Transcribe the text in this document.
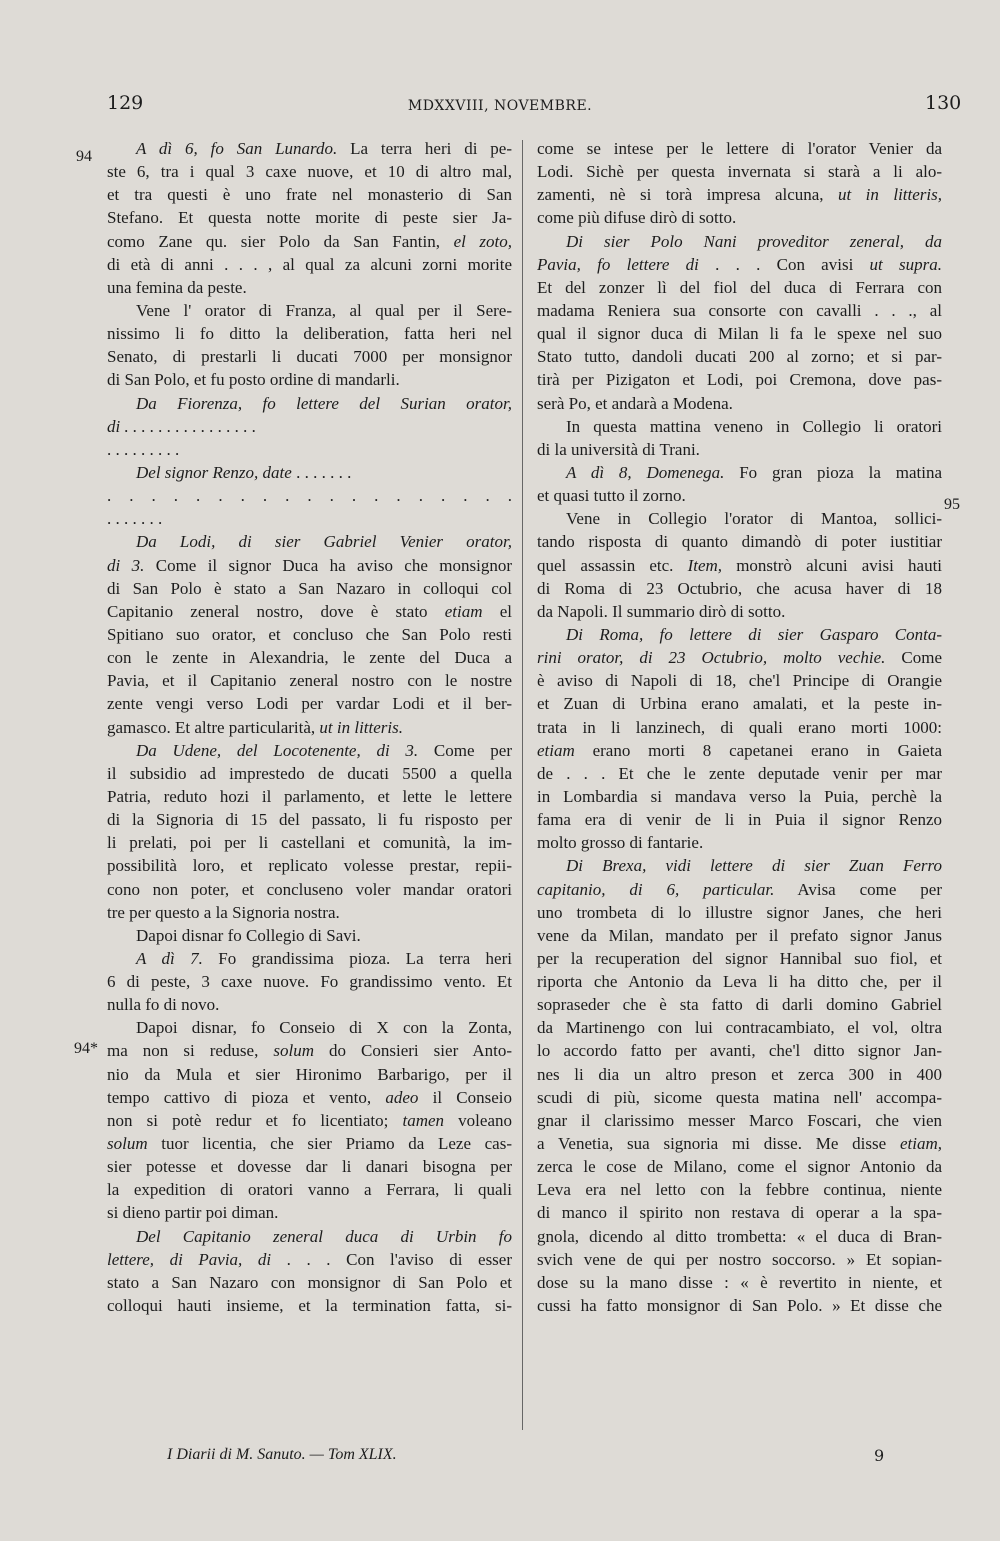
129	MDXXVIII, NOVEMBRE.	130
94
94*
95
A dì 6, fo San Lunardo. La terra heri di pe-
ste 6, tra i qual 3 caxe nuove, et 10 di altro mal,
et tra questi è uno frate nel monasterio di San
Stefano. Et questa notte morite di peste sier Ja-
como Zane qu. sier Polo da San Fantin, el zoto,
di età di anni . . . , al qual za alcuni zorni morite
una femina da peste.
Vene l' orator di Franza, al qual per il Sere-
nissimo li fo ditto la deliberation, fatta heri nel
Senato, di prestarli li ducati 7000 per monsignor
di San Polo, et fu posto ordine di mandarli.
Da Fiorenza, fo lettere del Surian orator,
di . . . . . . . . . . . . . . . .
. . . . . . . . .
Del signor Renzo, date . . . . . . .
. . . . . . . . . . . . . . . . . . .
. . . . . . .
Da Lodi, di sier Gabriel Venier orator,
di 3. Come il signor Duca ha aviso che monsignor
di San Polo è stato a San Nazaro in colloqui col
Capitanio zeneral nostro, dove è stato etiam el
Spitiano suo orator, et concluso che San Polo resti
con le zente in Alexandria, le zente del Duca a
Pavia, et il Capitanio zeneral nostro con le nostre
zente vengi verso Lodi per vardar Lodi et il ber-
gamasco. Et altre particularità, ut in litteris.
Da Udene, del Locotenente, di 3. Come per
il subsidio ad imprestedo de ducati 5500 a quella
Patria, reduto hozi il parlamento, et lette le lettere
di la Signoria di 15 del passato, li fu risposto per
li prelati, poi per li castellani et comunità, la im-
possibilità loro, et replicato volesse prestar, repii-
cono non poter, et concluseno voler mandar oratori
tre per questo a la Signoria nostra.
Dapoi disnar fo Collegio di Savi.
A dì 7. Fo grandissima pioza. La terra heri
6 di peste, 3 caxe nuove. Fo grandissimo vento. Et
nulla fo di novo.
Dapoi disnar, fo Conseio di X con la Zonta,
ma non si reduse, solum do Consieri sier Anto-
nio da Mula et sier Hironimo Barbarigo, per il
tempo cattivo di pioza et vento, adeo il Conseio
non si potè redur et fo licentiato; tamen voleano
solum tuor licentia, che sier Priamo da Leze cas-
sier potesse et dovesse dar li danari bisogna per
la expedition di oratori vanno a Ferrara, li quali
si dieno partir poi diman.
Del Capitanio zeneral duca di Urbin fo
lettere, di Pavia, di . . . Con l'aviso di esser
stato a San Nazaro con monsignor di San Polo et
colloqui hauti insieme, et la termination fatta, si-
come se intese per le lettere di l'orator Venier da
Lodi. Sichè per questa invernata si starà a li alo-
zamenti, nè si torà impresa alcuna, ut in litteris,
come più difuse dirò di sotto.
Di sier Polo Nani proveditor zeneral, da
Pavia, fo lettere di . . . Con avisi ut supra.
Et del zonzer lì del fiol del duca di Ferrara con
madama Reniera sua consorte con cavalli . . ., al
qual il signor duca di Milan li fa le spexe nel suo
Stato tutto, dandoli ducati 200 al zorno; et si par-
tirà per Pizigaton et Lodi, poi Cremona, dove pas-
serà Po, et andarà a Modena.
In questa mattina veneno in Collegio li oratori
di la università di Trani.
A dì 8, Domenega. Fo gran pioza la matina
et quasi tutto il zorno.
Vene in Collegio l'orator di Mantoa, sollici-
tando risposta di quanto dimandò di poter iustitiar
quel assassin etc. Item, monstrò alcuni avisi hauti
di Roma di 23 Octubrio, che acusa haver di 18
da Napoli. Il summario dirò di sotto.
Di Roma, fo lettere di sier Gasparo Conta-
rini orator, di 23 Octubrio, molto vechie. Come
è aviso di Napoli di 18, che'l Principe di Orangie
et Zuan di Urbina erano amalati, et la peste in-
trata in li lanzinech, di quali erano morti 1000:
etiam erano morti 8 capetanei erano in Gaieta
de . . . Et che le zente deputade venir per mar
in Lombardia si mandava verso la Puia, perchè la
fama era di venir de li in Puia il signor Renzo
molto grosso di fantarie.
Di Brexa, vidi lettere di sier Zuan Ferro
capitanio, di 6, particular. Avisa come per
uno trombeta di lo illustre signor Janes, che heri
vene da Milan, mandato per il prefato signor Janus
per la recuperation del signor Hannibal suo fiol, et
riporta che Antonio da Leva li ha ditto che, per il
sopraseder che è sta fatto di darli domino Gabriel
da Martinengo con lui contracambiato, el vol, oltra
lo accordo fatto per avanti, che'l ditto signor Jan-
nes li dia un altro preson et zerca 300 in 400
scudi di più, sicome questa matina nell' accompa-
gnar il clarissimo messer Marco Foscari, che vien
a Venetia, sua signoria mi disse. Me disse etiam,
zerca le cose de Milano, come el signor Antonio da
Leva era nel letto con la febbre continua, niente
di manco il spirito non restava di operar a la spa-
gnola, dicendo al ditto trombetta: « el duca di Bran-
svich vene de qui per nostro soccorso. » Et sopian-
dose su la mano disse : « è revertito in niente, et
cussi ha fatto monsignor di San Polo. » Et disse che
I Diarii di M. Sanuto. — Tom XLIX.	9
